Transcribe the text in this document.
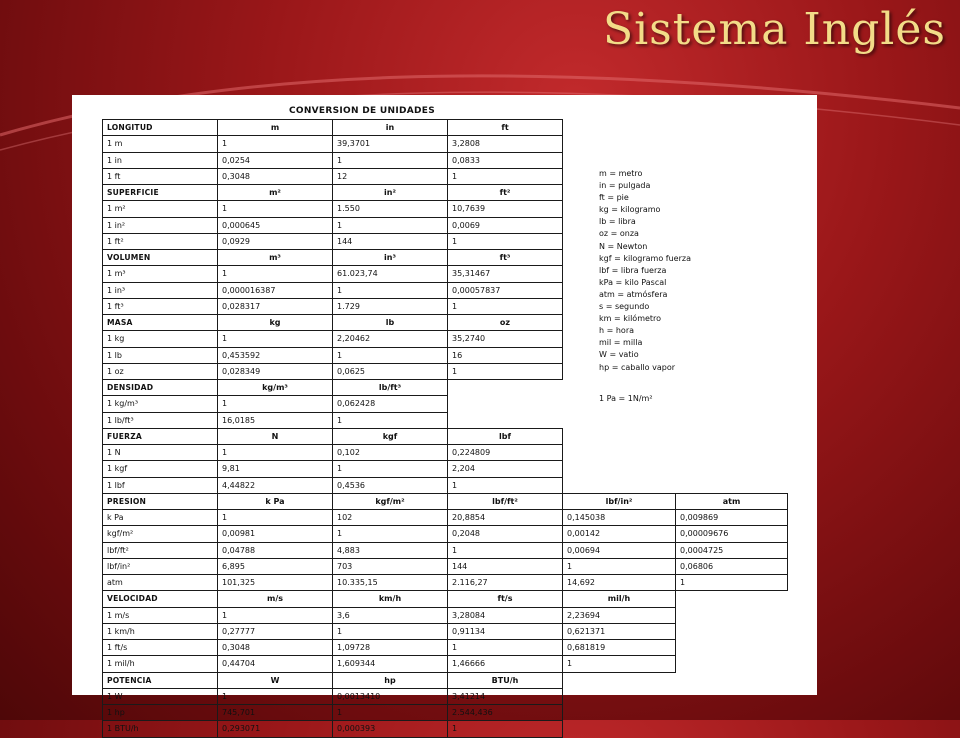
Sistema Inglés
CONVERSION DE UNIDADES
LONGITUD	m	in	ft		
1 m	1	39,3701	3,2808		
1 in	0,0254	1	0,0833		
1 ft	0,3048	12	1		
SUPERFICIE	m²	in²	ft²		
1 m²	1	1.550	10,7639		
1 in²	0,000645	1	0,0069		
1 ft²	0,0929	144	1		
VOLUMEN	m³	in³	ft³		
1 m³	1	61.023,74	35,31467		
1 in³	0,000016387	1	0,00057837		
1 ft³	0,028317	1.729	1		
MASA	kg	lb	oz		
1 kg	1	2,20462	35,2740		
1 lb	0,453592	1	16		
1 oz	0,028349	0,0625	1		
DENSIDAD	kg/m³	lb/ft³			
1 kg/m³	1	0,062428			
1 lb/ft³	16,0185	1			
FUERZA	N	kgf	lbf		
1 N	1	0,102	0,224809		
1 kgf	9,81	1	2,204		
1 lbf	4,44822	0,4536	1		
PRESION	k Pa	kgf/m²	lbf/ft²	lbf/in²	atm
k Pa	1	102	20,8854	0,145038	0,009869
kgf/m²	0,00981	1	0,2048	0,00142	0,00009676
lbf/ft²	0,04788	4,883	1	0,00694	0,0004725
lbf/in²	6,895	703	144	1	0,06806
atm	101,325	10.335,15	2.116,27	14,692	1
VELOCIDAD	m/s	km/h	ft/s	mil/h	
1 m/s	1	3,6	3,28084	2,23694	
1 km/h	0,27777	1	0,91134	0,621371	
1 ft/s	0,3048	1,09728	1	0,681819	
1 mil/h	0,44704	1,609344	1,46666	1	
POTENCIA	W	hp	BTU/h		
1 W	1	0,0013410	3,41214		
1 hp	745,701	1	2.544,436		
1 BTU/h	0,293071	0,000393	1		
m = metro
in = pulgada
ft = pie
kg = kilogramo
lb = libra
oz = onza
N = Newton
kgf = kilogramo fuerza
lbf = libra fuerza
kPa = kilo Pascal
atm = atmósfera
s = segundo
km = kilómetro
h = hora
mil = milla
W = vatio
hp = caballo vapor
1 Pa = 1N/m²
